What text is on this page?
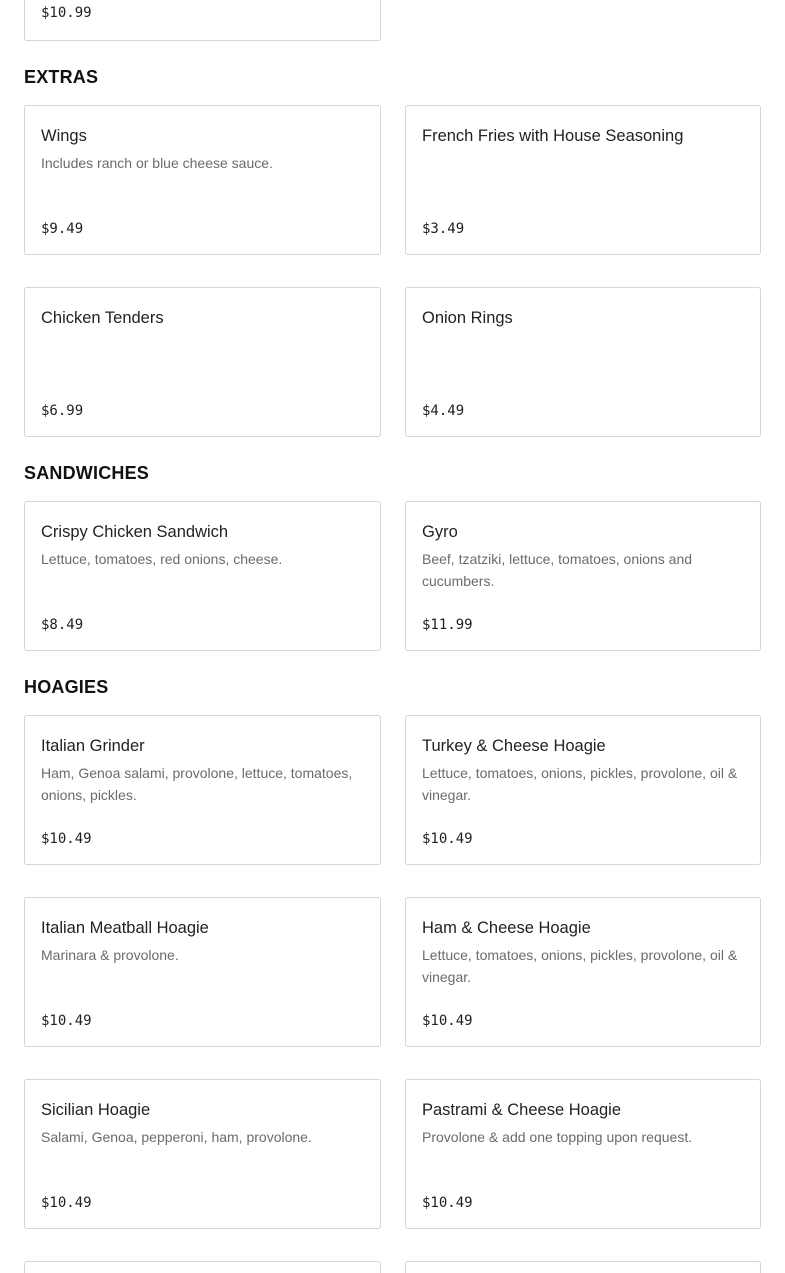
$10.99
EXTRAS
Wings
Includes ranch or blue cheese sauce.
$9.49
French Fries with House Seasoning
$3.49
Chicken Tenders
$6.99
Onion Rings
$4.49
SANDWICHES
Crispy Chicken Sandwich
Lettuce, tomatoes, red onions, cheese.
$8.49
Gyro
Beef, tzatziki, lettuce, tomatoes, onions and cucumbers.
$11.99
HOAGIES
Italian Grinder
Ham, Genoa salami, provolone, lettuce, tomatoes, onions, pickles.
$10.49
Turkey & Cheese Hoagie
Lettuce, tomatoes, onions, pickles, provolone, oil & vinegar.
$10.49
Italian Meatball Hoagie
Marinara & provolone.
$10.49
Ham & Cheese Hoagie
Lettuce, tomatoes, onions, pickles, provolone, oil & vinegar.
$10.49
Sicilian Hoagie
Salami, Genoa, pepperoni, ham, provolone.
$10.49
Pastrami & Cheese Hoagie
Provolone & add one topping upon request.
$10.49
